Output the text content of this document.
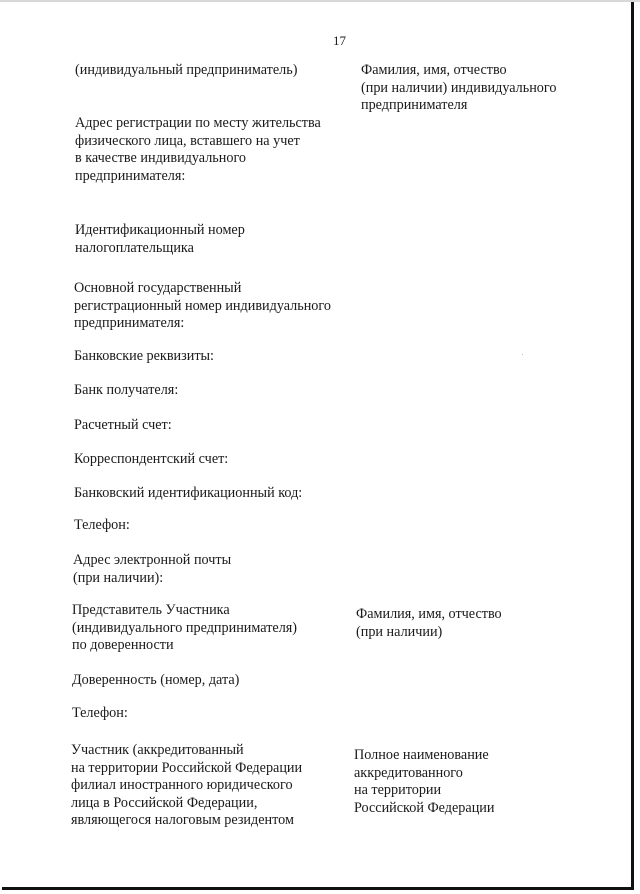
17
(индивидуальный предприниматель)
Адрес регистрации по месту жительства
физического лица, вставшего на учет
в качестве индивидуального
предпринимателя:
Идентификационный номер
налогоплательщика
Основной государственный
регистрационный номер индивидуального
предпринимателя:
Банковские реквизиты:
Банк получателя:
Расчетный счет:
Корреспондентский счет:
Банковский идентификационный код:
Телефон:
Адрес электронной почты
(при наличии):
Представитель Участника
(индивидуального предпринимателя)
по доверенности
Доверенность (номер, дата)
Телефон:
Участник (аккредитованный
на территории Российской Федерации
филиал иностранного юридического
лица в Российской Федерации,
являющегося налоговым резидентом
Фамилия, имя, отчество
(при наличии) индивидуального
предпринимателя
Фамилия, имя, отчество
(при наличии)
Полное наименование
аккредитованного
на территории
Российской Федерации
